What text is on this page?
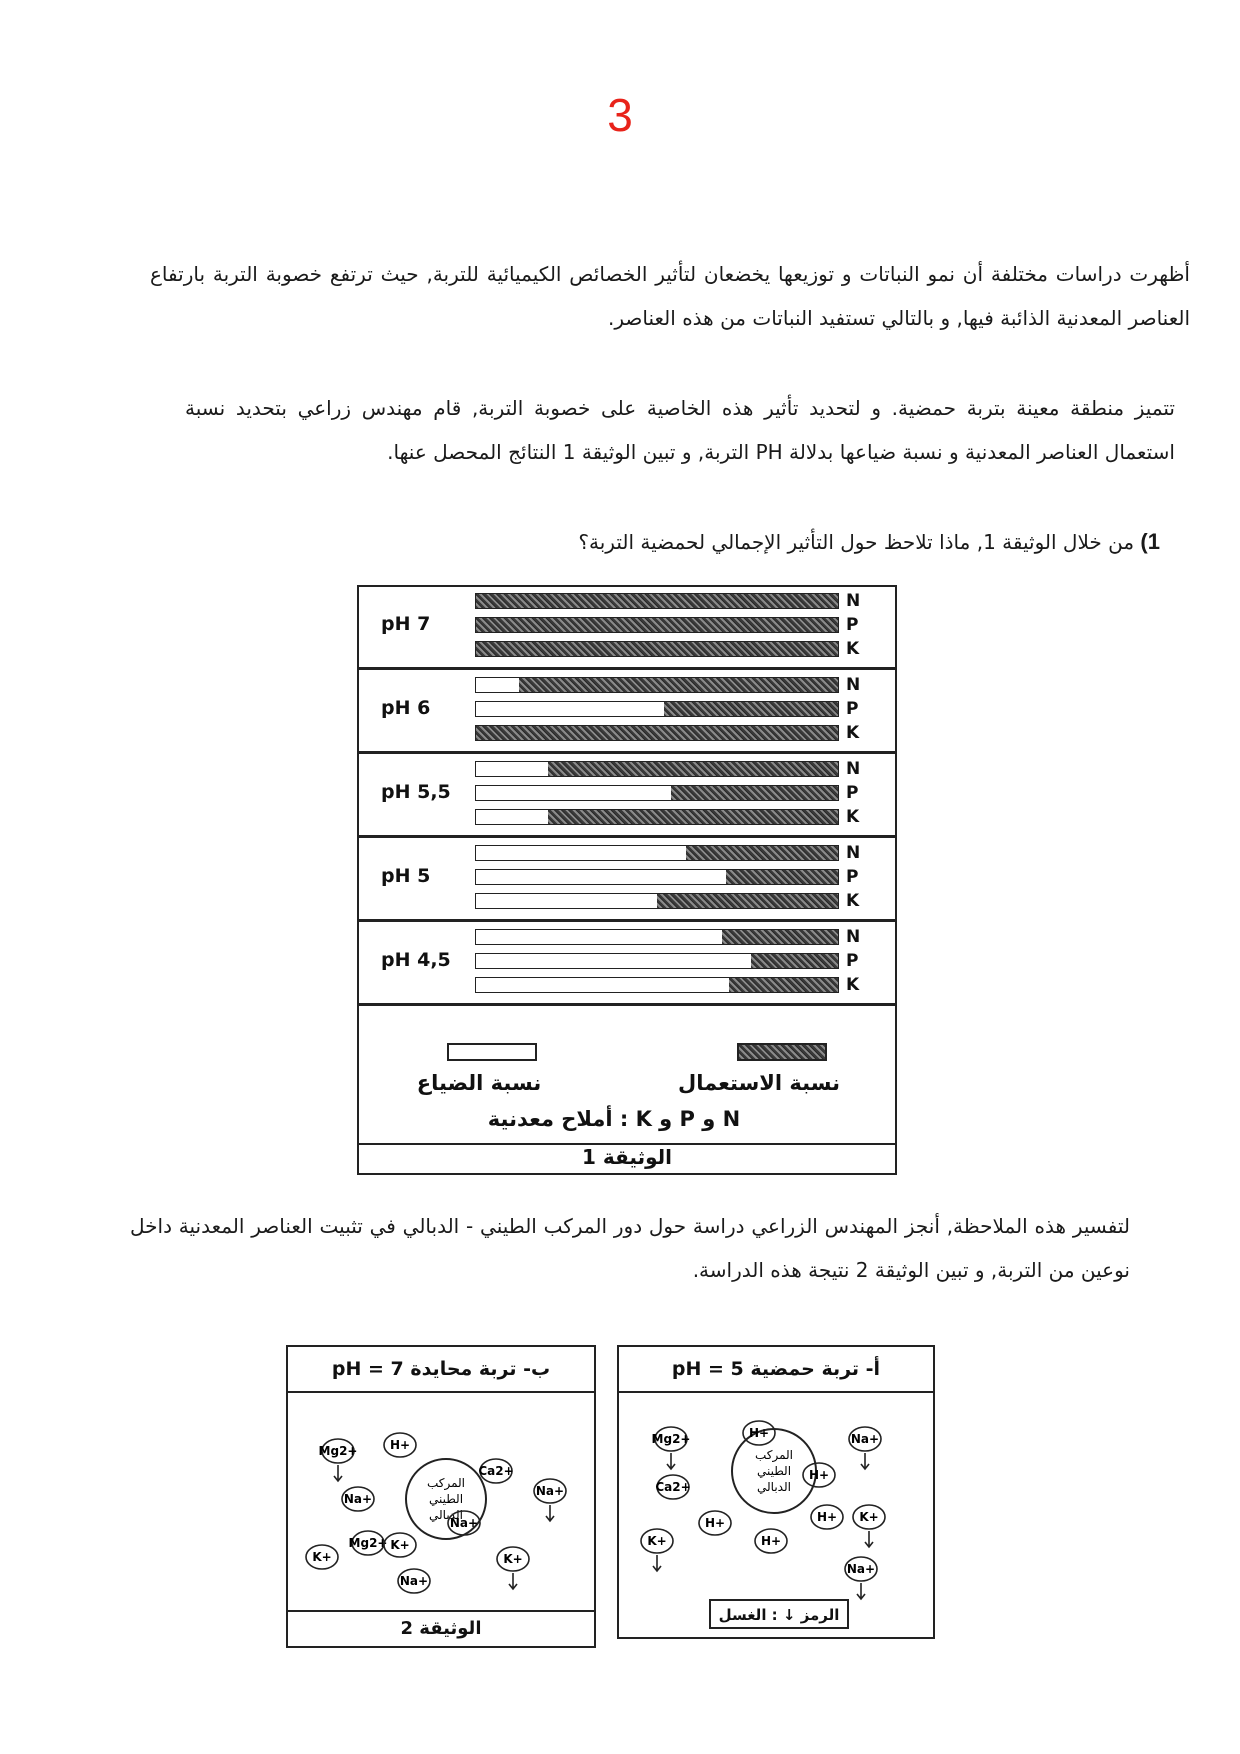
3

أظهرت دراسات مختلفة أن نمو النباتات و توزيعها يخضعان لتأثير الخصائص الكيميائية للتربة, حيث ترتفع خصوبة التربة بارتفاع العناصر المعدنية الذائبة فيها, و بالتالي تستفيد النباتات من هذه العناصر.

تتميز منطقة معينة بتربة حمضية. و لتحديد تأثير هذه الخاصية على خصوبة التربة, قام مهندس زراعي بتحديد نسبة استعمال العناصر المعدنية و نسبة ضياعها بدلالة PH التربة, و تبين الوثيقة 1 النتائج المحصل عنها.

1) من خلال الوثيقة 1, ماذا تلاحظ حول التأثير الإجمالي لحمضية التربة؟
pH 7
N
P
K
pH 6
N
P
K
pH 5,5
N
P
K
pH 5
N
P
K
pH 4,5
N
P
K
نسبة الاستعمال
نسبة الضياع
N و P و K : أملاح معدنية
الوثيقة 1

لتفسير هذه الملاحظة, أنجز المهندس الزراعي دراسة حول دور المركب الطيني - الدبالي في تثبيت العناصر المعدنية داخل نوعين من التربة, و تبين الوثيقة 2 نتيجة هذه الدراسة.

ب- تربة محايدة pH = 7
المركب
الطيني
الدبالي
Mg2+	H+
Ca2+
Na+
Na+
Mg2+ K+
Na+
K+
Na+
K+
الوثيقة 2
أ- تربة حمضية pH = 5
المركب
الطيني
الدبالي
Mg2+	H+	Na+
Ca2+
H+
H+
H+
H+
K+
K+
Na+
الرمز ↓ : الغسل
